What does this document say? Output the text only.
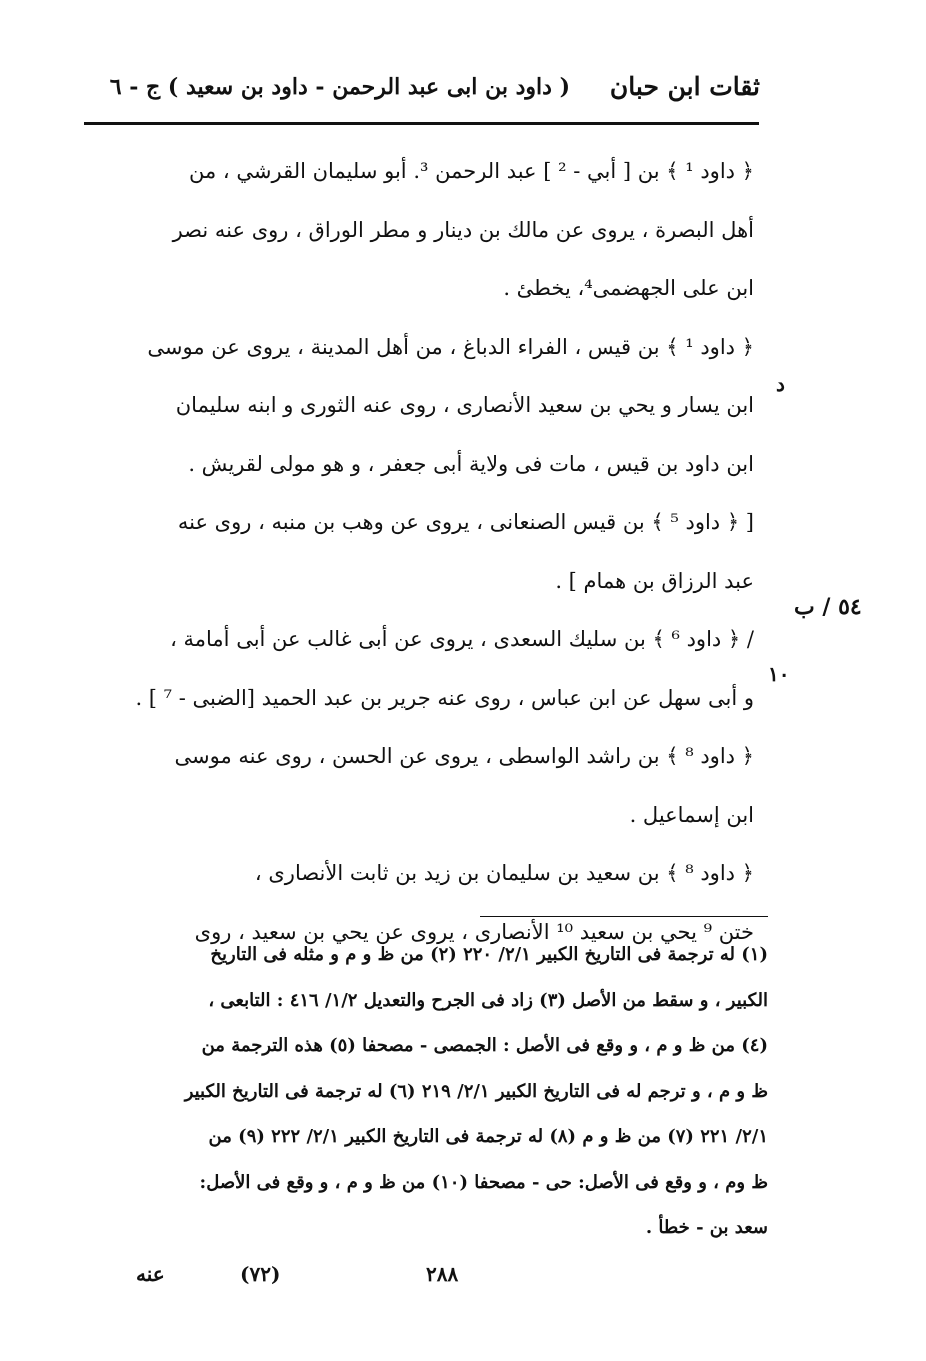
ثقات ابن حبان
( داود بن ابی عبد الرحمن - داود بن سعيد ) ج - ٦
د
٥٤ / ب
١٠
﴿ داود ¹ ﴾ بن [ أبي - ² ] عبد الرحمن ³. أبو سليمان القرشي ، من
أهل البصرة ، يروى عن مالك بن دينار و مطر الوراق ، روى عنه نصر
ابن على الجهضمى⁴، يخطئ .
﴿ داود ¹ ﴾ بن قيس ، الفراء الدباغ ، من أهل المدينة ، يروى عن موسى
ابن يسار و يحي بن سعيد الأنصارى ، روى عنه الثورى و ابنه سليمان
ابن داود بن قيس ، مات فى ولاية أبى جعفر ، و هو مولى لقريش .
[ ﴿ داود ⁵ ﴾ بن قيس الصنعانى ، يروى عن وهب بن منبه ، روى عنه
عبد الرزاق بن همام ] .
/ ﴿ داود ⁶ ﴾ بن سليك السعدى ، يروى عن أبى غالب عن أبى أمامة ،
و أبى سهل عن ابن عباس ، روى عنه جرير بن عبد الحميد [الضبى - ⁷ ] .
﴿ داود ⁸ ﴾ بن راشد الواسطى ، يروى عن الحسن ، روى عنه موسى
ابن إسماعيل .
﴿ داود ⁸ ﴾ بن سعيد بن سليمان بن زيد بن ثابت الأنصارى ،
ختن ⁹ يحي بن سعيد ¹⁰ الأنصارى ، يروى عن يحي بن سعيد ، روى
(١) له ترجمة فى التاريخ الكبير ٢/١/ ٢٢٠ (٢) من ظ و م و مثله فى التاريخ
الكبير ، و سقط من الأصل (٣) زاد فى الجرح والتعديل ١/٢/ ٤١٦ : التابعى ،
(٤) من ظ و م ، و وقع فى الأصل : الجمصى - مصحفا (٥) هذه الترجمة من
ظ و م ، و ترجم له فى التاريخ الكبير ٢/١/ ٢١٩ (٦) له ترجمة فى التاريخ الكبير
٢/١/ ٢٢١ (٧) من ظ و م (٨) له ترجمة فى التاريخ الكبير ٢/١/ ٢٢٢ (٩) من
ظ وم ، و وقع فى الأصل: حى - مصحفا (١٠) من ظ و م ، و وقع فى الأصل:
سعد بن - خطأ .
عنه	(٧٢)	٢٨٨
